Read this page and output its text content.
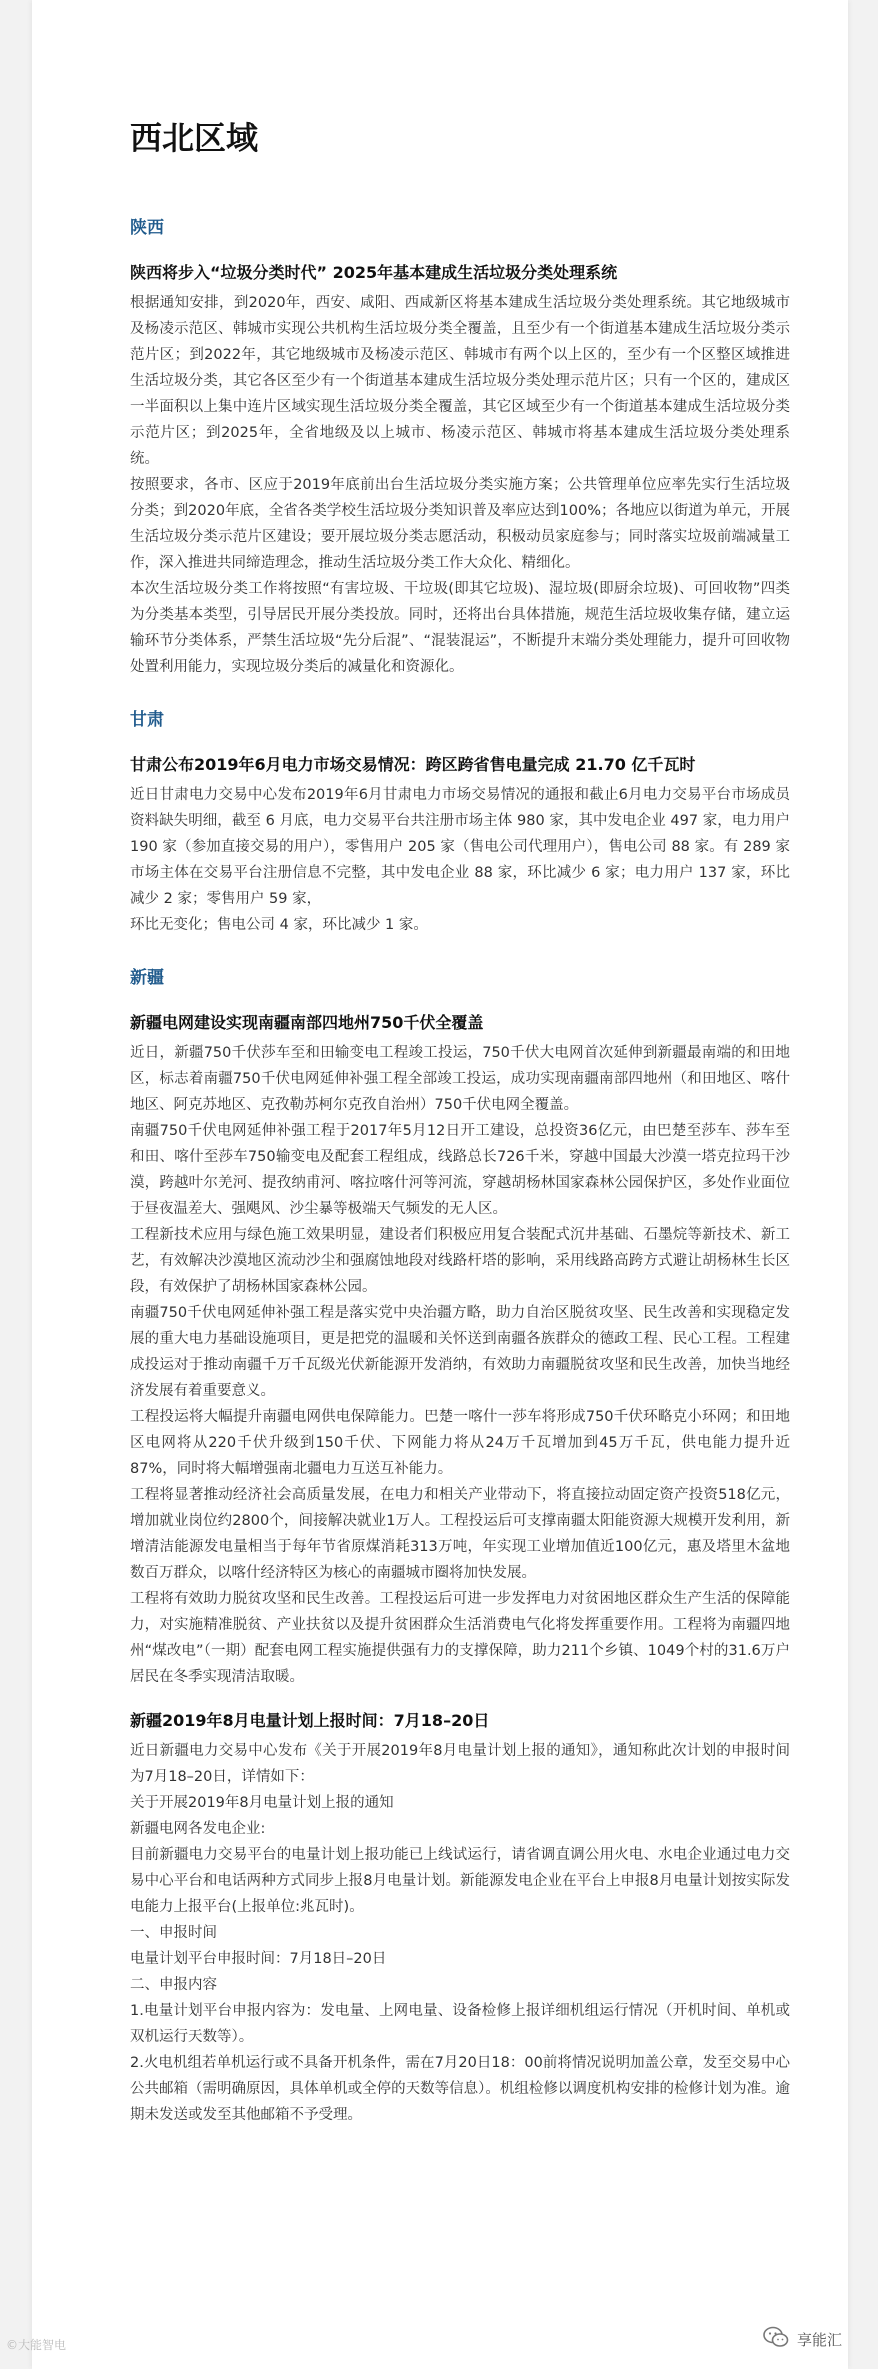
西北区域
陕西
陕西将步入“垃圾分类时代” 2025年基本建成生活垃圾分类处理系统

根据通知安排，到2020年，西安、咸阳、西咸新区将基本建成生活垃圾分类处理系统。其它地级城市及杨凌示范区、韩城市实现公共机构生活垃圾分类全覆盖，且至少有一个街道基本建成生活垃圾分类示范片区；到2022年，其它地级城市及杨凌示范区、韩城市有两个以上区的，至少有一个区整区域推进生活垃圾分类，其它各区至少有一个街道基本建成生活垃圾分类处理示范片区；只有一个区的，建成区一半面积以上集中连片区域实现生活垃圾分类全覆盖，其它区域至少有一个街道基本建成生活垃圾分类示范片区；到2025年，全省地级及以上城市、杨凌示范区、韩城市将基本建成生活垃圾分类处理系统。

按照要求，各市、区应于2019年底前出台生活垃圾分类实施方案；公共管理单位应率先实行生活垃圾分类；到2020年底，全省各类学校生活垃圾分类知识普及率应达到100%；各地应以街道为单元，开展生活垃圾分类示范片区建设；要开展垃圾分类志愿活动，积极动员家庭参与；同时落实垃圾前端减量工作，深入推进共同缔造理念，推动生活垃圾分类工作大众化、精细化。

本次生活垃圾分类工作将按照“有害垃圾、干垃圾(即其它垃圾)、湿垃圾(即厨余垃圾)、可回收物”四类为分类基本类型，引导居民开展分类投放。同时，还将出台具体措施，规范生活垃圾收集存储，建立运输环节分类体系，严禁生活垃圾“先分后混”、“混装混运”，不断提升末端分类处理能力，提升可回收物处置利用能力，实现垃圾分类后的减量化和资源化。

甘肃
甘肃公布2019年6月电力市场交易情况：跨区跨省售电量完成 21.70 亿千瓦时

近日甘肃电力交易中心发布2019年6月甘肃电力市场交易情况的通报和截止6月电力交易平台市场成员资料缺失明细，截至 6 月底，电力交易平台共注册市场主体 980 家，其中发电企业 497 家，电力用户 190 家（参加直接交易的用户），零售用户 205 家（售电公司代理用户），售电公司 88 家。有 289 家市场主体在交易平台注册信息不完整，其中发电企业 88 家，环比减少 6 家；电力用户 137 家，环比减少 2 家；零售用户 59 家，

环比无变化；售电公司 4 家，环比减少 1 家。

新疆
新疆电网建设实现南疆南部四地州750千伏全覆盖

近日，新疆750千伏莎车至和田输变电工程竣工投运，750千伏大电网首次延伸到新疆最南端的和田地区，标志着南疆750千伏电网延伸补强工程全部竣工投运，成功实现南疆南部四地州（和田地区、喀什地区、阿克苏地区、克孜勒苏柯尔克孜自治州）750千伏电网全覆盖。

南疆750千伏电网延伸补强工程于2017年5月12日开工建设，总投资36亿元，由巴楚至莎车、莎车至和田、喀什至莎车750输变电及配套工程组成，线路总长726千米，穿越中国最大沙漠一塔克拉玛干沙漠，跨越叶尔羌河、提孜纳甫河、喀拉喀什河等河流，穿越胡杨林国家森林公园保护区，多处作业面位于昼夜温差大、强飓风、沙尘暴等极端天气频发的无人区。

工程新技术应用与绿色施工效果明显，建设者们积极应用复合装配式沉井基础、石墨烷等新技术、新工艺，有效解决沙漠地区流动沙尘和强腐蚀地段对线路杆塔的影响，采用线路高跨方式避让胡杨林生长区段，有效保护了胡杨林国家森林公园。

南疆750千伏电网延伸补强工程是落实党中央治疆方略，助力自治区脱贫攻坚、民生改善和实现稳定发展的重大电力基础设施项目，更是把党的温暖和关怀送到南疆各族群众的德政工程、民心工程。工程建成投运对于推动南疆千万千瓦级光伏新能源开发消纳，有效助力南疆脱贫攻坚和民生改善，加快当地经济发展有着重要意义。

工程投运将大幅提升南疆电网供电保障能力。巴楚一喀什一莎车将形成750千伏环略克小环网；和田地区电网将从220千伏升级到150千伏、下网能力将从24万千瓦增加到45万千瓦，供电能力提升近87%，同时将大幅增强南北疆电力互送互补能力。

工程将显著推动经济社会高质量发展，在电力和相关产业带动下，将直接拉动固定资产投资518亿元，增加就业岗位约2800个，间接解决就业1万人。工程投运后可支撑南疆太阳能资源大规模开发利用，新增清洁能源发电量相当于每年节省原煤消耗313万吨，年实现工业增加值近100亿元，惠及塔里木盆地数百万群众，以喀什经济特区为核心的南疆城市圈将加快发展。

工程将有效助力脱贫攻坚和民生改善。工程投运后可进一步发挥电力对贫困地区群众生产生活的保障能力，对实施精准脱贫、产业扶贫以及提升贫困群众生活消费电气化将发挥重要作用。工程将为南疆四地州“煤改电”（一期）配套电网工程实施提供强有力的支撑保障，助力211个乡镇、1049个村的31.6万户居民在冬季实现清洁取暖。

新疆2019年8月电量计划上报时间：7月18–20日

近日新疆电力交易中心发布《关于开展2019年8月电量计划上报的通知》，通知称此次计划的申报时间为7月18–20日，详情如下：

关于开展2019年8月电量计划上报的通知

新疆电网各发电企业:

目前新疆电力交易平台的电量计划上报功能已上线试运行，请省调直调公用火电、水电企业通过电力交易中心平台和电话两种方式同步上报8月电量计划。新能源发电企业在平台上申报8月电量计划按实际发电能力上报平台(上报单位:兆瓦时)。

一、申报时间

电量计划平台申报时间：7月18日–20日

二、申报内容

1.电量计划平台申报内容为：发电量、上网电量、设备检修上报详细机组运行情况（开机时间、单机或双机运行天数等）。

2.火电机组若单机运行或不具备开机条件，需在7月20日18：00前将情况说明加盖公章，发至交易中心公共邮箱（需明确原因，具体单机或全停的天数等信息）。机组检修以调度机构安排的检修计划为准。逾期未发送或发至其他邮箱不予受理。

©大能智电	享能汇
